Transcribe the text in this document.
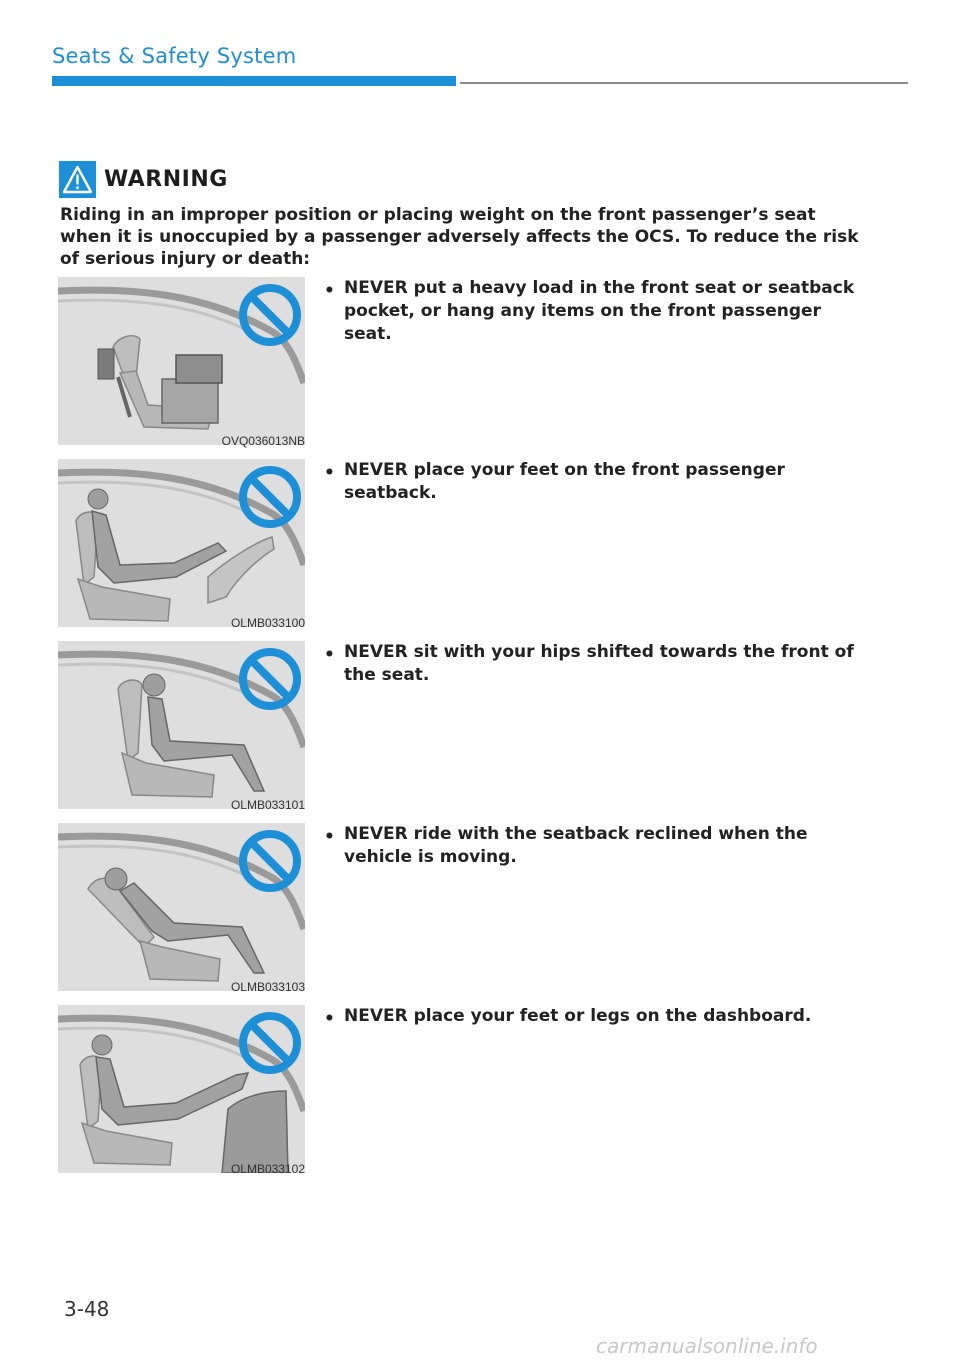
Seats & Safety System
WARNING
Riding in an improper position or placing weight on the front passenger’s seat when it is unoccupied by a passenger adversely affects the OCS. To reduce the risk of serious injury or death:
OVQ036013NB
• NEVER put a heavy load in the front seat or seatback pocket, or hang any items on the front passenger seat.
OLMB033100
• NEVER place your feet on the front passenger seatback.
OLMB033101
• NEVER sit with your hips shifted towards the front of the seat.
OLMB033103
• NEVER ride with the seatback reclined when the vehicle is moving.
OLMB033102
• NEVER place your feet or legs on the dashboard.
3-48
carmanualsonline.info
